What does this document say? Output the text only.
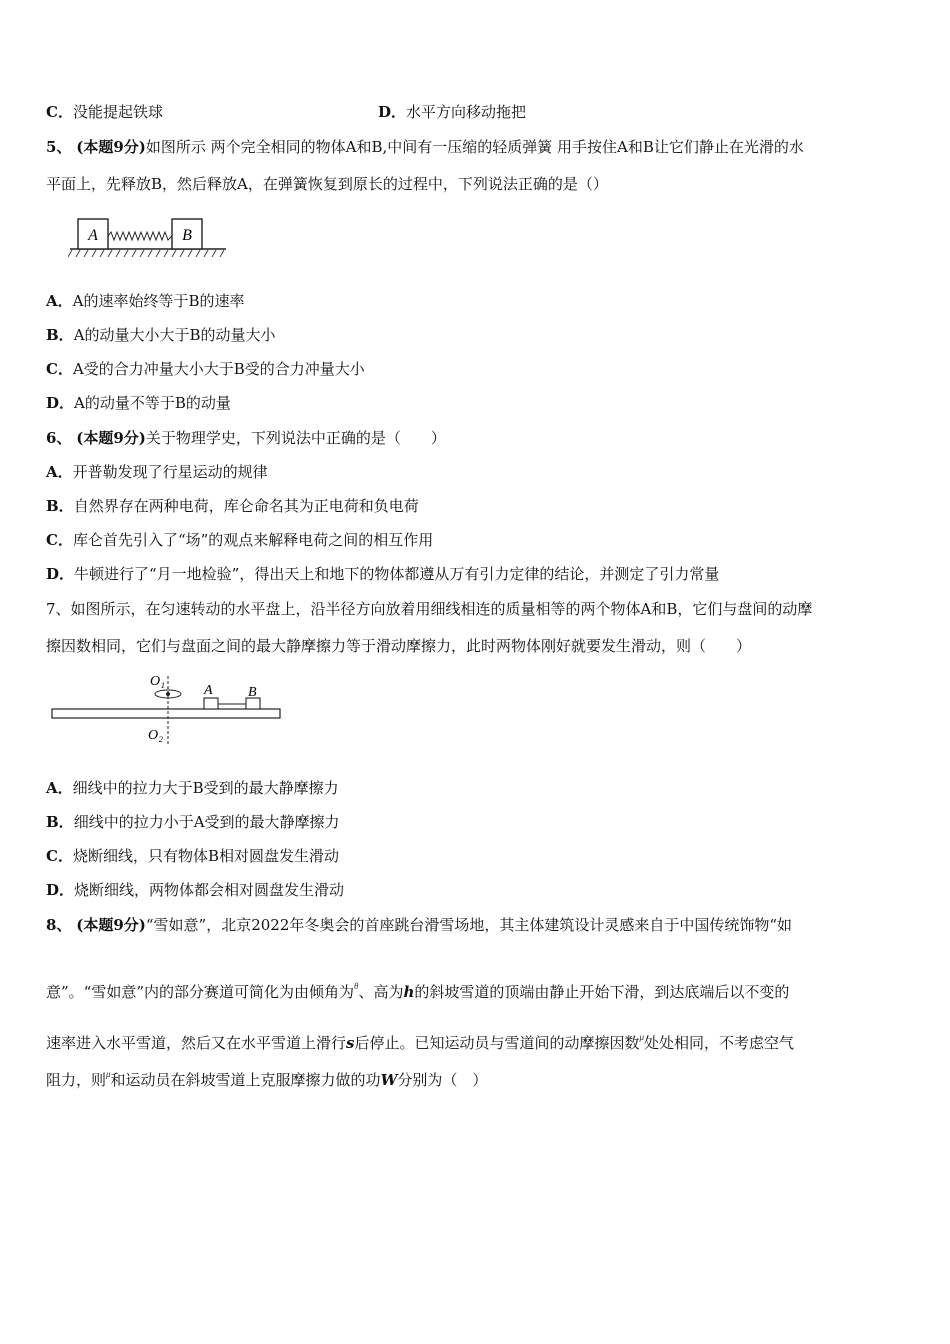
C．没能提起铁球	D．水平方向移动拖把
5、 (本题9分)如图所示 两个完全相同的物体A和B,中间有一压缩的轻质弹簧 用手按住A和B让它们静止在光滑的水
平面上，先释放B，然后释放A，在弹簧恢复到原长的过程中，下列说法正确的是（）
A	B
A．A的速率始终等于B的速率
B．A的动量大小大于B的动量大小
C．A受的合力冲量大小大于B受的合力冲量大小
D．A的动量不等于B的动量
6、 (本题9分)关于物理学史，下列说法中正确的是（　　）
A．开普勒发现了行星运动的规律
B．自然界存在两种电荷，库仑命名其为正电荷和负电荷
C．库仑首先引入了“场”的观点来解释电荷之间的相互作用
D．牛顿进行了“月一地检验”，得出天上和地下的物体都遵从万有引力定律的结论，并测定了引力常量
7、如图所示，在匀速转动的水平盘上，沿半径方向放着用细线相连的质量相等的两个物体A和B，它们与盘间的动摩
擦因数相同，它们与盘面之间的最大静摩擦力等于滑动摩擦力，此时两物体刚好就要发生滑动，则（　　）
O₁
O₂
A	B
A．细线中的拉力大于B受到的最大静摩擦力
B．细线中的拉力小于A受到的最大静摩擦力
C．烧断细线，只有物体B相对圆盘发生滑动
D．烧断细线，两物体都会相对圆盘发生滑动
8、 (本题9分)“雪如意”，北京2022年冬奥会的首座跳台滑雪场地，其主体建筑设计灵感来自于中国传统饰物“如
意”。“雪如意”内的部分赛道可简化为由倾角为$^\theta$、高为h的斜坡雪道的顶端由静止开始下滑，到达底端后以不变的
速率进入水平雪道，然后又在水平雪道上滑行s后停止。已知运动员与雪道间的动摩擦因数$^\mu$处处相同，不考虑空气
阻力，则$^\mu$和运动员在斜坡雪道上克服摩擦力做的功W分别为（　）
